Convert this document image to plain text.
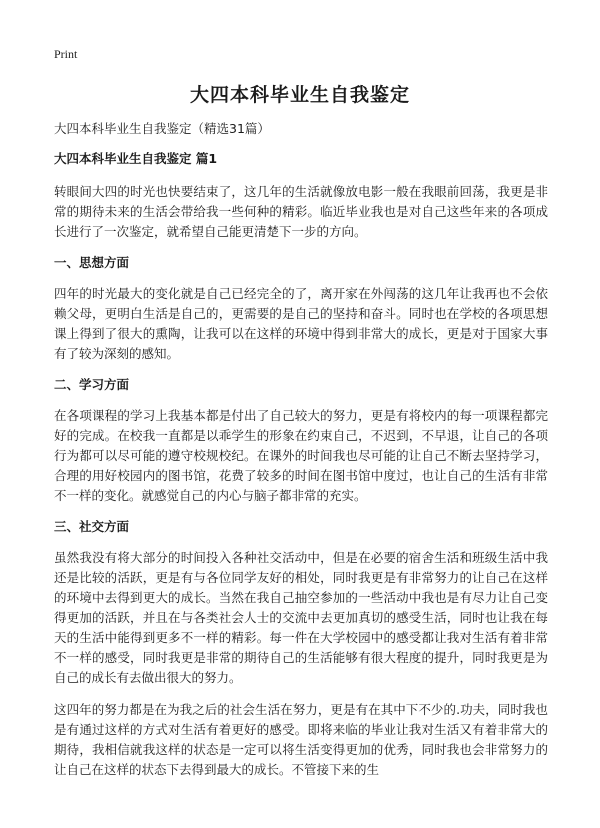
Print
大四本科毕业生自我鉴定

大四本科毕业生自我鉴定（精选31篇）

大四本科毕业生自我鉴定 篇1

转眼间大四的时光也快要结束了，这几年的生活就像放电影一般在我眼前回荡，我更是非常的期待未来的生活会带给我一些何种的精彩。临近毕业我也是对自己这些年来的各项成长进行了一次鉴定，就希望自己能更清楚下一步的方向。

一、思想方面

四年的时光最大的变化就是自己已经完全的了，离开家在外闯荡的这几年让我再也不会依赖父母，更明白生活是自己的，更需要的是自己的坚持和奋斗。同时也在学校的各项思想课上得到了很大的熏陶，让我可以在这样的环境中得到非常大的成长，更是对于国家大事有了较为深刻的感知。

二、学习方面

在各项课程的学习上我基本都是付出了自己较大的努力，更是有将校内的每一项课程都完好的完成。在校我一直都是以乖学生的形象在约束自己，不迟到，不早退，让自己的各项行为都可以尽可能的遵守校规校纪。在课外的时间我也尽可能的让自己不断去坚持学习，合理的用好校园内的图书馆，花费了较多的时间在图书馆中度过，也让自己的生活有非常不一样的变化。就感觉自己的内心与脑子都非常的充实。

三、社交方面

虽然我没有将大部分的时间投入各种社交活动中，但是在必要的宿舍生活和班级生活中我还是比较的活跃，更是有与各位同学友好的相处，同时我更是有非常努力的让自己在这样的环境中去得到更大的成长。当然在我自己抽空参加的一些活动中我也是有尽力让自己变得更加的活跃，并且在与各类社会人士的交流中去更加真切的感受生活，同时也让我在每天的生活中能得到更多不一样的精彩。每一件在大学校园中的感受都让我对生活有着非常不一样的感受，同时我更是非常的期待自己的生活能够有很大程度的提升，同时我更是为自己的成长有去做出很大的努力。

这四年的努力都是在为我之后的社会生活在努力，更是有在其中下不少的.功夫，同时我也是有通过这样的方式对生活有着更好的感受。即将来临的毕业让我对生活又有着非常大的期待，我相信就我这样的状态是一定可以将生活变得更加的优秀，同时我也会非常努力的让自己在这样的状态下去得到最大的成长。不管接下来的生
